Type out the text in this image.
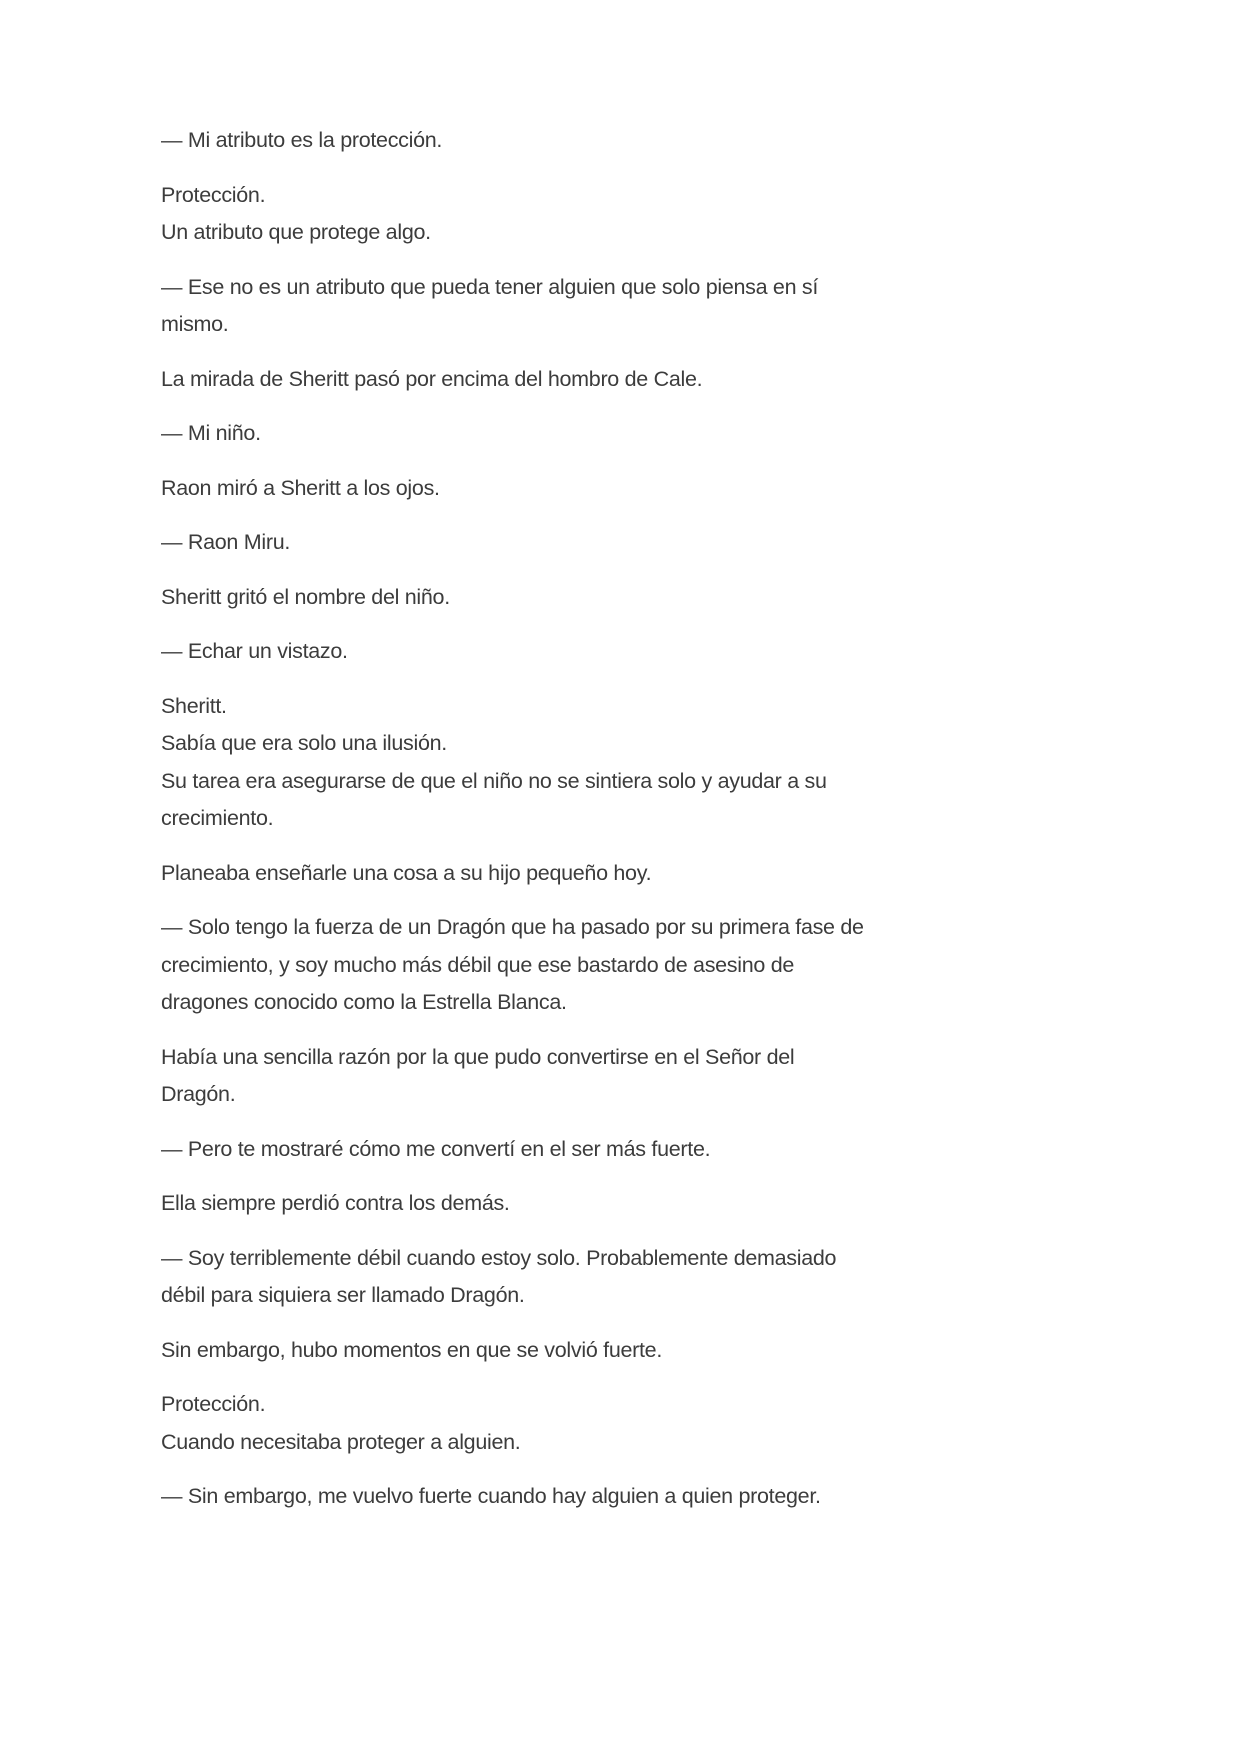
— Mi atributo es la protección.

Protección.
Un atributo que protege algo.

— Ese no es un atributo que pueda tener alguien que solo piensa en sí
mismo.

La mirada de Sheritt pasó por encima del hombro de Cale.

— Mi niño.

Raon miró a Sheritt a los ojos.

— Raon Miru.

Sheritt gritó el nombre del niño.

— Echar un vistazo.

Sheritt.
Sabía que era solo una ilusión.
Su tarea era asegurarse de que el niño no se sintiera solo y ayudar a su
crecimiento.

Planeaba enseñarle una cosa a su hijo pequeño hoy.

— Solo tengo la fuerza de un Dragón que ha pasado por su primera fase de
crecimiento, y soy mucho más débil que ese bastardo de asesino de
dragones conocido como la Estrella Blanca.

Había una sencilla razón por la que pudo convertirse en el Señor del
Dragón.

— Pero te mostraré cómo me convertí en el ser más fuerte.

Ella siempre perdió contra los demás.

— Soy terriblemente débil cuando estoy solo. Probablemente demasiado
débil para siquiera ser llamado Dragón.

Sin embargo, hubo momentos en que se volvió fuerte.

Protección.
Cuando necesitaba proteger a alguien.

— Sin embargo, me vuelvo fuerte cuando hay alguien a quien proteger.
